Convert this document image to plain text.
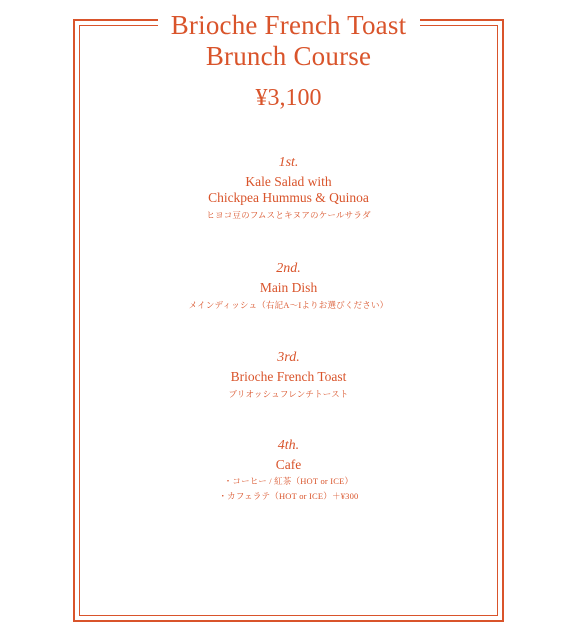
Brioche French Toast
Brunch Course
¥3,100
1st.
Kale Salad with
Chickpea Hummus & Quinoa
ヒヨコ豆のフムスとキヌアのケールサラダ
2nd.
Main Dish
メインディッシュ（右記A〜Iよりお選びください）
3rd.
Brioche French Toast
ブリオッシュフレンチトースト
4th.
Cafe
・コーヒー / 紅茶（HOT or ICE）
・カフェラテ（HOT or ICE）＋¥300
